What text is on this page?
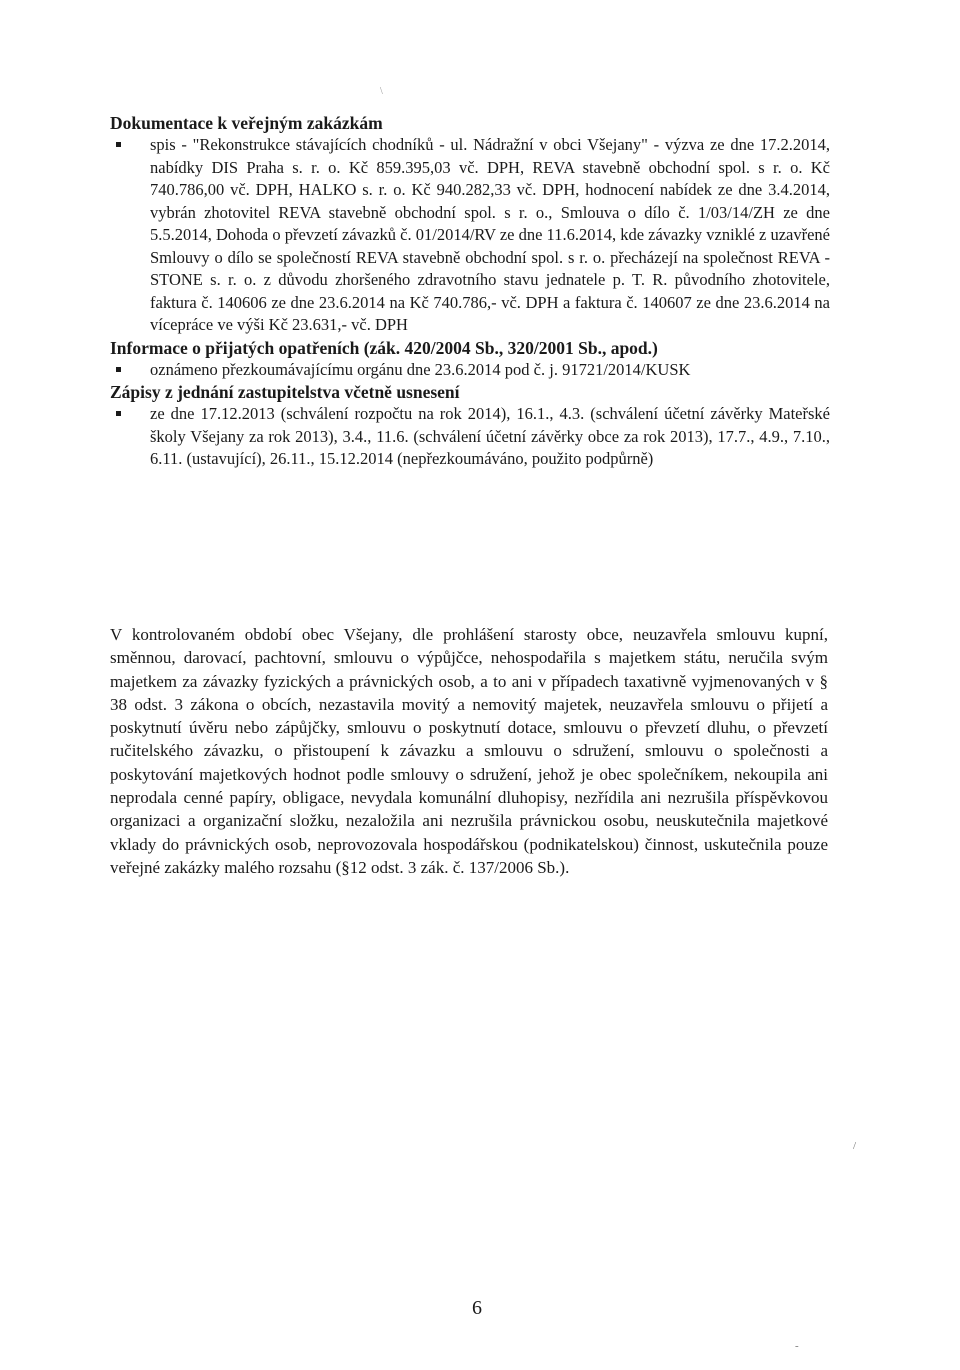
\

Dokumentace k veřejným zakázkám

spis - "Rekonstrukce stávajících chodníků - ul. Nádražní v obci Všejany" - výzva ze dne 17.2.2014, nabídky DIS Praha s. r. o. Kč 859.395,03 vč. DPH, REVA stavebně obchodní spol. s r. o. Kč 740.786,00 vč. DPH, HALKO s. r. o. Kč 940.282,33 vč. DPH, hodnocení nabídek ze dne 3.4.2014, vybrán zhotovitel REVA stavebně obchodní spol. s r. o., Smlouva o dílo č. 1/03/14/ZH ze dne 5.5.2014, Dohoda o převzetí závazků č. 01/2014/RV ze dne 11.6.2014, kde závazky vzniklé z uzavřené Smlouvy o dílo se společností REVA stavebně obchodní spol. s r. o. přecházejí na společnost REVA - STONE s. r. o. z důvodu zhoršeného zdravotního stavu jednatele p. T. R. původního zhotovitele, faktura č. 140606 ze dne 23.6.2014 na Kč 740.786,- vč. DPH a faktura č. 140607 ze dne 23.6.2014 na vícepráce ve výši Kč 23.631,- vč. DPH

Informace o přijatých opatřeních (zák. 420/2004 Sb., 320/2001 Sb., apod.)

oznámeno přezkoumávajícímu orgánu dne 23.6.2014 pod č. j. 91721/2014/KUSK

Zápisy z jednání zastupitelstva včetně usnesení

ze dne 17.12.2013 (schválení rozpočtu na rok 2014), 16.1., 4.3. (schválení účetní závěrky Mateřské školy Všejany za rok 2013), 3.4., 11.6. (schválení účetní závěrky obce za rok 2013), 17.7., 4.9., 7.10., 6.11. (ustavující), 26.11., 15.12.2014 (nepřezkoumáváno, použito podpůrně)

V kontrolovaném období obec Všejany, dle prohlášení starosty obce, neuzavřela smlouvu kupní, směnnou, darovací, pachtovní, smlouvu o výpůjčce, nehospodařila s majetkem státu, neručila svým majetkem za závazky fyzických a právnických osob, a to ani v případech taxativně vyjmenovaných v § 38 odst. 3 zákona o obcích, nezastavila movitý a nemovitý majetek, neuzavřela smlouvu o přijetí a poskytnutí úvěru nebo zápůjčky, smlouvu o poskytnutí dotace, smlouvu o převzetí dluhu, o převzetí ručitelského závazku, o přistoupení k závazku a smlouvu o sdružení, smlouvu o společnosti a poskytování majetkových hodnot podle smlouvy o sdružení, jehož je obec společníkem, nekoupila ani neprodala cenné papíry, obligace, nevydala komunální dluhopisy, nezřídila ani nezrušila příspěvkovou organizaci a organizační složku, nezaložila ani nezrušila právnickou osobu, neuskutečnila majetkové vklady do právnických osob, neprovozovala hospodářskou (podnikatelskou) činnost, uskutečnila pouze veřejné zakázky malého rozsahu (§12 odst. 3 zák. č. 137/2006 Sb.).

/
6
-
